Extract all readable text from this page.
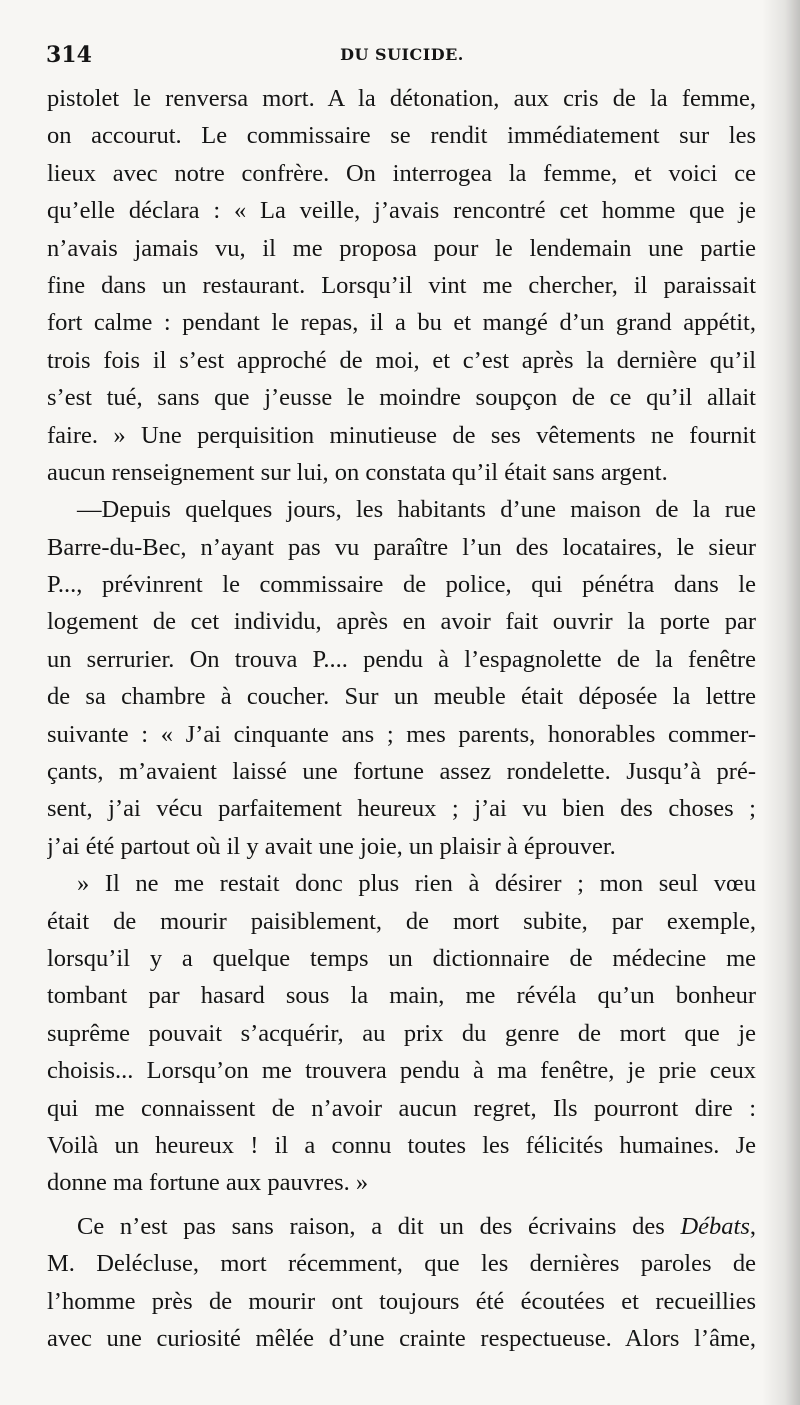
314	DU SUICIDE.
pistolet le renversa mort. A la détonation, aux cris de la femme,
on accourut. Le commissaire se rendit immédiatement sur les
lieux avec notre confrère. On interrogea la femme, et voici ce
qu’elle déclara : « La veille, j’avais rencontré cet homme que je
n’avais jamais vu, il me proposa pour le lendemain une partie
fine dans un restaurant. Lorsqu’il vint me chercher, il paraissait
fort calme : pendant le repas, il a bu et mangé d’un grand appétit,
trois fois il s’est approché de moi, et c’est après la dernière qu’il
s’est tué, sans que j’eusse le moindre soupçon de ce qu’il allait
faire. » Une perquisition minutieuse de ses vêtements ne fournit
aucun renseignement sur lui, on constata qu’il était sans argent.
—Depuis quelques jours, les habitants d’une maison de la rue
Barre-du-Bec, n’ayant pas vu paraître l’un des locataires, le sieur
P..., prévinrent le commissaire de police, qui pénétra dans le
logement de cet individu, après en avoir fait ouvrir la porte par
un serrurier. On trouva P.... pendu à l’espagnolette de la fenêtre
de sa chambre à coucher. Sur un meuble était déposée la lettre
suivante : « J’ai cinquante ans ; mes parents, honorables commer-
çants, m’avaient laissé une fortune assez rondelette. Jusqu’à pré-
sent, j’ai vécu parfaitement heureux ; j’ai vu bien des choses ;
j’ai été partout où il y avait une joie, un plaisir à éprouver.
» Il ne me restait donc plus rien à désirer ; mon seul vœu
était de mourir paisiblement, de mort subite, par exemple,
lorsqu’il y a quelque temps un dictionnaire de médecine me
tombant par hasard sous la main, me révéla qu’un bonheur
suprême pouvait s’acquérir, au prix du genre de mort que je
choisis... Lorsqu’on me trouvera pendu à ma fenêtre, je prie ceux
qui me connaissent de n’avoir aucun regret, Ils pourront dire :
Voilà un heureux ! il a connu toutes les félicités humaines. Je
donne ma fortune aux pauvres. »
Ce n’est pas sans raison, a dit un des écrivains des Débats,
M. Delécluse, mort récemment, que les dernières paroles de
l’homme près de mourir ont toujours été écoutées et recueillies
avec une curiosité mêlée d’une crainte respectueuse. Alors l’âme,
